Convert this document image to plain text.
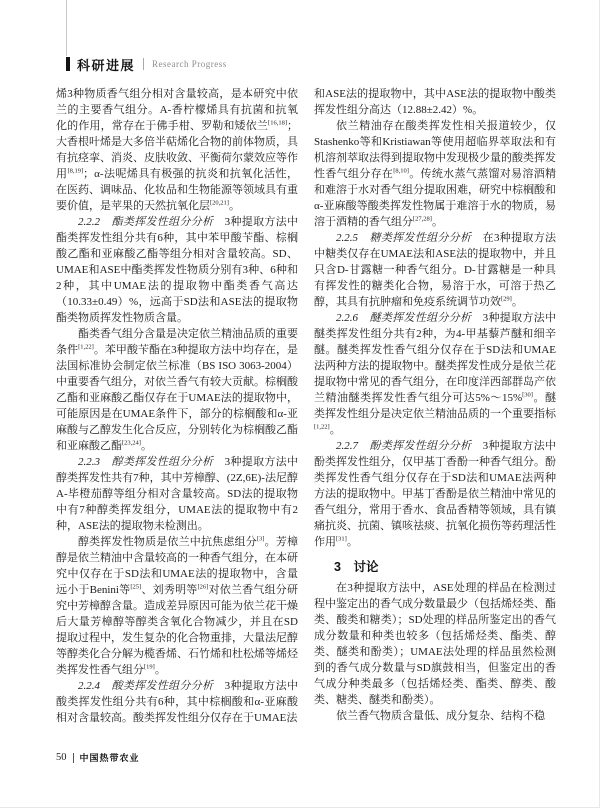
科研进展 Research Progress

烯3种物质香气组分相对含量较高，是本研究中依兰的主要香气组分。A-香柠檬烯具有抗菌和抗氧化的作用，常存在于佛手柑、罗勒和矮依兰[16,18]；大香根叶烯是大多倍半萜烯化合物的前体物质，具有抗痉挛、消炎、皮肤收敛、平衡荷尔蒙效应等作用[8,19]；α-法呢烯具有极强的抗炎和抗氧化活性，在医药、调味品、化妆品和生物能源等领域具有重要价值，是苹果的天然抗氧化层[20,21]。

2.2.2　酯类挥发性组分分析　3种提取方法中酯类挥发性组分共有6种，其中苯甲酸苄酯、棕榈酸乙酯和亚麻酸乙酯等组分相对含量较高。SD、UMAE和ASE中酯类挥发性物质分别有3种、6种和2种，其中UMAE法的提取物中酯类香气高达（10.33±0.49）%，远高于SD法和ASE法的提取物酯类物质挥发性物质含量。

酯类香气组分含量是决定依兰精油品质的重要条件[1,22]。苯甲酸苄酯在3种提取方法中均存在，是法国标准协会制定依兰标准（BS ISO 3063-2004）中重要香气组分，对依兰香气有较大贡献。棕榈酸乙酯和亚麻酸乙酯仅存在于UMAE法的提取物中，可能原因是在UMAE条件下，部分的棕榈酸和α-亚麻酸与乙醇发生化合反应，分别转化为棕榈酸乙酯和亚麻酸乙酯[23,24]。

2.2.3　醇类挥发性组分分析　3种提取方法中醇类挥发性共有7种，其中芳樟醇、(2Z,6E)-法尼醇A-毕橙茄醇等组分相对含量较高。SD法的提取物中有7种醇类挥发组分，UMAE法的提取物中有2种，ASE法的提取物未检测出。

醇类挥发性物质是依兰中抗焦虑组分[3]。芳樟醇是依兰精油中含量较高的一种香气组分，在本研究中仅存在于SD法和UMAE法的提取物中，含量远小于Benini等[25]、刘秀明等[26]对依兰香气组分研究中芳樟醇含量。造成差异原因可能为依兰花干燥后大量芳樟醇等醇类含氧化合物减少，并且在SD提取过程中，发生复杂的化合物重排，大量法尼醇等醇类化合分解为榄香烯、石竹烯和杜松烯等烯烃类挥发性香气组分[19]。

2.2.4　酸类挥发性组分分析　3种提取方法中酸类挥发性组分共有6种，其中棕榈酸和α-亚麻酸相对含量较高。酸类挥发性组分仅存在于UMAE法

和ASE法的提取物中，其中ASE法的提取物中酸类挥发性组分高达（12.88±2.42）%。

依兰精油存在酸类挥发性相关报道较少，仅Stashenko等和Kristiawan等使用超临界萃取法和有机溶剂萃取法得到提取物中发现极少量的酸类挥发性香气组分存在[8,10]。传统水蒸气蒸馏对易溶酒精和难溶于水对香气组分提取困难，研究中棕榈酸和α-亚麻酸等酸类挥发性物属于难溶于水的物质，易溶于酒精的香气组分[27,28]。

2.2.5　糖类挥发性组分分析　在3种提取方法中糖类仅存在UMAE法和ASE法的提取物中，并且只含D-甘露糖一种香气组分。D-甘露糖是一种具有挥发性的糖类化合物，易溶于水，可溶于热乙醇，其具有抗肿瘤和免疫系统调节功效[29]。

2.2.6　醚类挥发性组分分析　3种提取方法中醚类挥发性组分共有2种，为4-甲基藜芦醚和细辛醚。醚类挥发性香气组分仅存在于SD法和UMAE法两种方法的提取物中。醚类挥发性成分是依兰花提取物中常见的香气组分，在印度洋西部群岛产依兰精油醚类挥发性香气组分可达5%～15%[30]。醚类挥发性组分是决定依兰精油品质的一个重要指标[1,22]。

2.2.7　酚类挥发性组分分析　3种提取方法中酚类挥发性组分，仅甲基丁香酚一种香气组分。酚类挥发性香气组分仅存在于SD法和UMAE法两种方法的提取物中。甲基丁香酚是依兰精油中常见的香气组分，常用于香水、食品香精等领域，具有镇痛抗炎、抗菌、镇咳祛痰、抗氧化损伤等药理活性作用[31]。

3　讨论

在3种提取方法中，ASE处理的样品在检测过程中鉴定出的香气成分数量最少（包括烯烃类、酯类、酸类和糖类）；SD处理的样品所鉴定出的香气成分数量和种类也较多（包括烯烃类、酯类、醇类、醚类和酚类）；UMAE法处理的样品虽然检测到的香气成分数量与SD旗鼓相当，但鉴定出的香气成分种类最多（包括烯烃类、酯类、醇类、酸类、糖类、醚类和酚类）。

依兰香气物质含量低、成分复杂、结构不稳

50 中国热带农业
